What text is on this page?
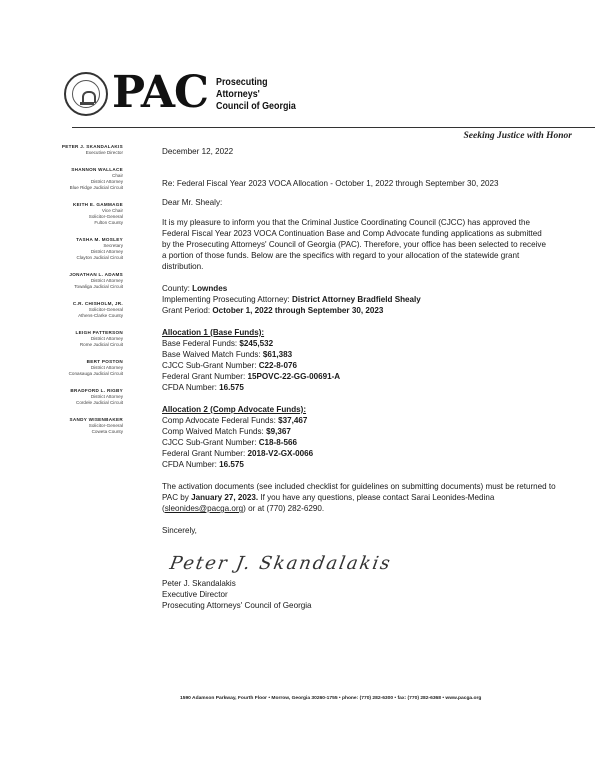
PAC Prosecuting
Attorneys'
Council of Georgia
Seeking Justice with Honor
PETER J. SKANDALAKIS
Executive Director
SHANNON WALLACE
Chair
District Attorney
Blue Ridge Judicial Circuit
KEITH E. GAMMAGE
Vice Chair
Solicitor-General
Fulton County
TASHA M. MOSLEY
Secretary
District Attorney
Clayton Judicial Circuit
JONATHAN L. ADAMS
District Attorney
Towaliga Judicial Circuit
C.R. CHISHOLM, JR.
Solicitor-General
Athens-Clarke County
LEIGH PATTERSON
District Attorney
Rome Judicial Circuit
BERT POSTON
District Attorney
Conasauga Judicial Circuit
BRADFORD L. RIGBY
District Attorney
Cordele Judicial Circuit
SANDY WISENBAKER
Solicitor-General
Coweta County

December 12, 2022

Re: Federal Fiscal Year 2023 VOCA Allocation - October 1, 2022 through September 30, 2023

Dear Mr. Shealy:

It is my pleasure to inform you that the Criminal Justice Coordinating Council (CJCC) has approved the Federal Fiscal Year 2023 VOCA Continuation Base and Comp Advocate funding applications as submitted by the Prosecuting Attorneys' Council of Georgia (PAC). Therefore, your office has been selected to receive a portion of those funds. Below are the specifics with regard to your allocation of the statewide grant distribution.

County: Lowndes

Implementing Prosecuting Attorney: District Attorney Bradfield Shealy

Grant Period: October 1, 2022 through September 30, 2023

Allocation 1 (Base Funds):

Base Federal Funds: $245,532

Base Waived Match Funds: $61,383

CJCC Sub-Grant Number: C22-8-076

Federal Grant Number: 15POVC-22-GG-00691-A

CFDA Number: 16.575

Allocation 2 (Comp Advocate Funds):

Comp Advocate Federal Funds: $37,467

Comp Waived Match Funds: $9,367

CJCC Sub-Grant Number: C18-8-566

Federal Grant Number: 2018-V2-GX-0066

CFDA Number: 16.575

The activation documents (see included checklist for guidelines on submitting documents) must be returned to PAC by January 27, 2023. If you have any questions, please contact Sarai Leonides-Medina (sleonides@pacga.org) or at (770) 282-6290.

Sincerely,

Peter J. Skandalakis

Executive Director

Prosecuting Attorneys' Council of Georgia

Peter J. Skandalakis
1590 Adamson Parkway, Fourth Floor • Morrow, Georgia 30260-1755 • phone: (770) 282-6300 • fax: (770) 282-6368 • www.pacga.org
